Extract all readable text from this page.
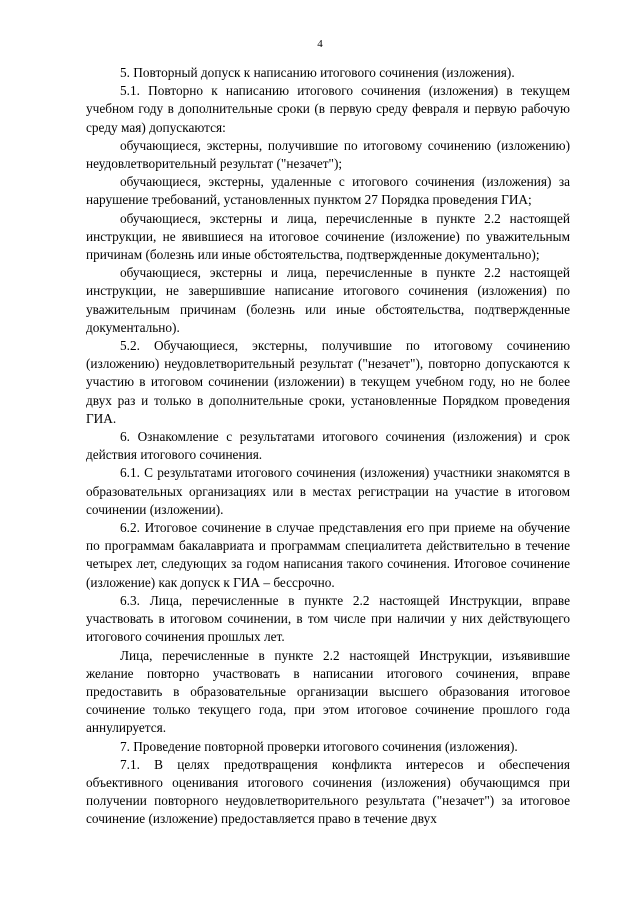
4

5. Повторный допуск к написанию итогового сочинения (изложения).

5.1. Повторно к написанию итогового сочинения (изложения) в текущем учебном году в дополнительные сроки (в первую среду февраля и первую рабочую среду мая) допускаются:

обучающиеся, экстерны, получившие по итоговому сочинению (изложению) неудовлетворительный результат ("незачет");

обучающиеся, экстерны, удаленные с итогового сочинения (изложения) за нарушение требований, установленных пунктом 27 Порядка проведения ГИА;

обучающиеся, экстерны и лица, перечисленные в пункте 2.2 настоящей инструкции, не явившиеся на итоговое сочинение (изложение) по уважительным причинам (болезнь или иные обстоятельства, подтвержденные документально);

обучающиеся, экстерны и лица, перечисленные в пункте 2.2 настоящей инструкции, не завершившие написание итогового сочинения (изложения) по уважительным причинам (болезнь или иные обстоятельства, подтвержденные документально).

5.2. Обучающиеся, экстерны, получившие по итоговому сочинению (изложению) неудовлетворительный результат ("незачет"), повторно допускаются к участию в итоговом сочинении (изложении) в текущем учебном году, но не более двух раз и только в дополнительные сроки, установленные Порядком проведения ГИА.

6. Ознакомление с результатами итогового сочинения (изложения) и срок действия итогового сочинения.

6.1. С результатами итогового сочинения (изложения) участники знакомятся в образовательных организациях или в местах регистрации на участие в итоговом сочинении (изложении).

6.2. Итоговое сочинение в случае представления его при приеме на обучение по программам бакалавриата и программам специалитета действительно в течение четырех лет, следующих за годом написания такого сочинения. Итоговое сочинение (изложение) как допуск к ГИА – бессрочно.

6.3. Лица, перечисленные в пункте 2.2 настоящей Инструкции, вправе участвовать в итоговом сочинении, в том числе при наличии у них действующего итогового сочинения прошлых лет.

Лица, перечисленные в пункте 2.2 настоящей Инструкции, изъявившие желание повторно участвовать в написании итогового сочинения, вправе предоставить в образовательные организации высшего образования итоговое сочинение только текущего года, при этом итоговое сочинение прошлого года аннулируется.

7. Проведение повторной проверки итогового сочинения (изложения).

7.1. В целях предотвращения конфликта интересов и обеспечения объективного оценивания итогового сочинения (изложения) обучающимся при получении повторного неудовлетворительного результата ("незачет") за итоговое сочинение (изложение) предоставляется право в течение двух
